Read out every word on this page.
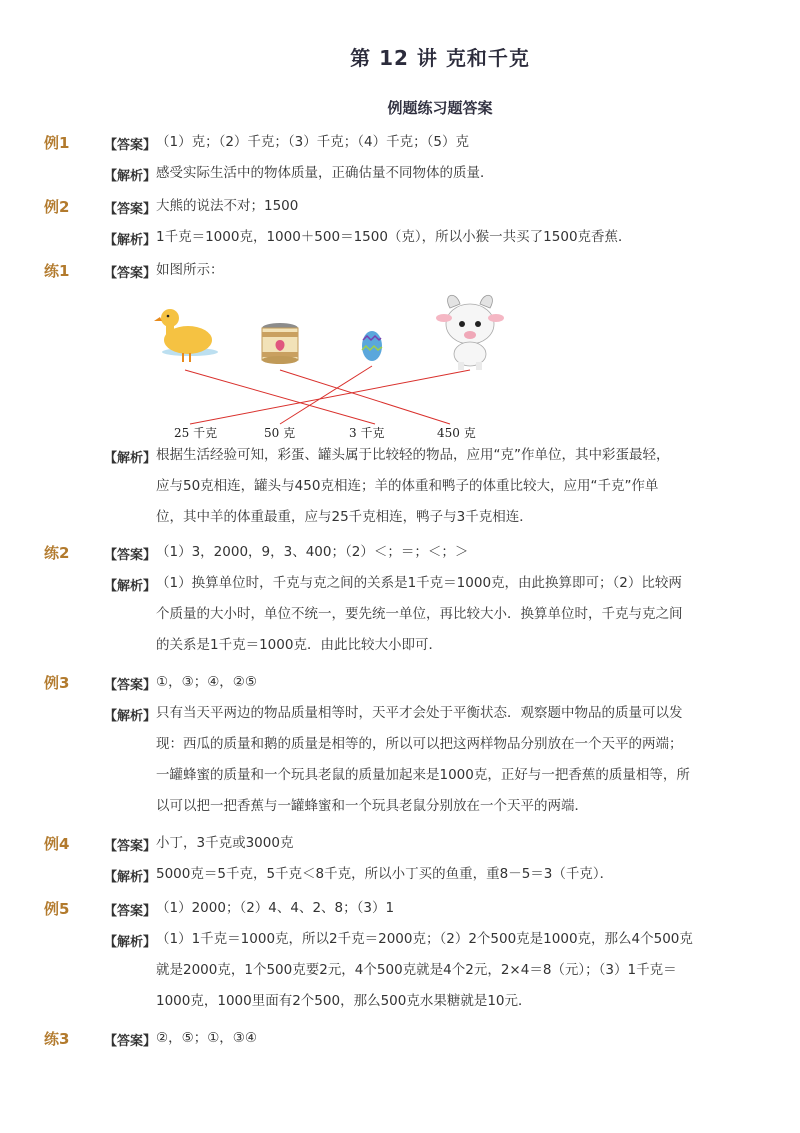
第 12 讲 克和千克
例题练习题答案
例1	【答案】 （1）克；（2）千克；（3）千克；（4）千克；（5）克
【解析】 感受实际生活中的物体质量，正确估量不同物体的质量．
例2	【答案】 大熊的说法不对；1500
【解析】 1千克＝1000克，1000＋500＝1500（克），所以小猴一共买了1500克香蕉．
练1	【答案】 如图所示：
25 千克	50 克	3 千克	450 克
【解析】 根据生活经验可知，彩蛋、罐头属于比较轻的物品，应用“克”作单位，其中彩蛋最轻，
应与50克相连，罐头与450克相连；羊的体重和鸭子的体重比较大，应用“千克”作单
位，其中羊的体重最重，应与25千克相连，鸭子与3千克相连．
练2	【答案】 （1）3，2000，9，3、400；（2）＜；＝；＜；＞
【解析】 （1）换算单位时，千克与克之间的关系是1千克＝1000克，由此换算即可；（2）比较两
个质量的大小时，单位不统一，要先统一单位，再比较大小．换算单位时，千克与克之间
的关系是1千克＝1000克．由此比较大小即可．
例3	【答案】 ①，③；④，②⑤
【解析】 只有当天平两边的物品质量相等时，天平才会处于平衡状态．观察题中物品的质量可以发
现：西瓜的质量和鹅的质量是相等的，所以可以把这两样物品分别放在一个天平的两端；
一罐蜂蜜的质量和一个玩具老鼠的质量加起来是1000克，正好与一把香蕉的质量相等，所
以可以把一把香蕉与一罐蜂蜜和一个玩具老鼠分别放在一个天平的两端．
例4	【答案】 小丁，3千克或3000克
【解析】 5000克＝5千克，5千克＜8千克，所以小丁买的鱼重，重8－5＝3（千克）．
例5	【答案】 （1）2000；（2）4、4、2、8；（3）1
【解析】 （1）1千克＝1000克，所以2千克＝2000克；（2）2个500克是1000克，那么4个500克
就是2000克，1个500克要2元，4个500克就是4个2元，2×4＝8（元）；（3）1千克＝
1000克，1000里面有2个500，那么500克水果糖就是10元．
练3	【答案】 ②，⑤；①，③④
